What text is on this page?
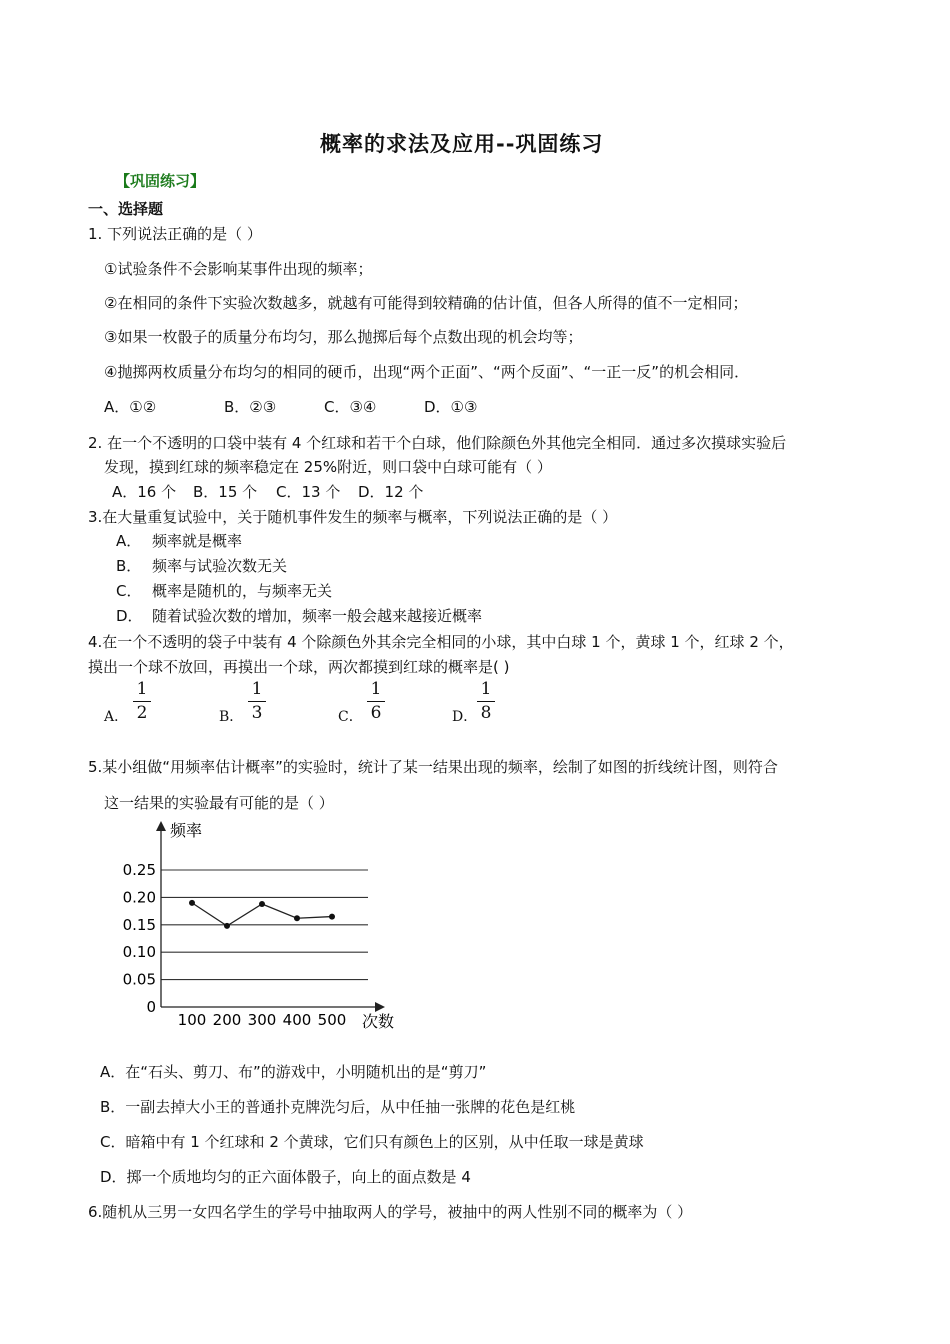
概率的求法及应用--巩固练习
【巩固练习】
一、选择题
1. 下列说法正确的是（ ）
①试验条件不会影响某事件出现的频率；
②在相同的条件下实验次数越多，就越有可能得到较精确的估计值，但各人所得的值不一定相同；
③如果一枚骰子的质量分布均匀，那么抛掷后每个点数出现的机会均等；
④抛掷两枚质量分布均匀的相同的硬币，出现“两个正面”、“两个反面”、“一正一反”的机会相同．
A．①②	B．②③	C．③④	D．①③
2. 在一个不透明的口袋中装有 4 个红球和若干个白球，他们除颜色外其他完全相同．通过多次摸球实验后
发现，摸到红球的频率稳定在 25%附近，则口袋中白球可能有（ ）
A．16 个 B．15 个 C．13 个 D．12 个
3.在大量重复试验中，关于随机事件发生的频率与概率，下列说法正确的是（ ）
A． 频率就是概率
B． 频率与试验次数无关
C． 概率是随机的，与频率无关
D． 随着试验次数的增加，频率一般会越来越接近概率
4.在一个不透明的袋子中装有 4 个除颜色外其余完全相同的小球，其中白球 1 个，黄球 1 个，红球 2 个，
摸出一个球不放回，再摸出一个球，两次都摸到红球的概率是( )
A．
1
2	B．
1
3	C．
1
6	D．
1
8
5.某小组做“用频率估计概率”的实验时，统计了某一结果出现的频率，绘制了如图的折线统计图，则符合
这一结果的实验最有可能的是（ ）
0
0.05
0.10
0.15
0.20
0.25
100 200 300 400 500
频率
次数
A．在“石头、剪刀、布”的游戏中，小明随机出的是“剪刀”
B．一副去掉大小王的普通扑克牌洗匀后，从中任抽一张牌的花色是红桃
C．暗箱中有 1 个红球和 2 个黄球，它们只有颜色上的区别，从中任取一球是黄球
D．掷一个质地均匀的正六面体骰子，向上的面点数是 4
6.随机从三男一女四名学生的学号中抽取两人的学号，被抽中的两人性别不同的概率为（ ）
